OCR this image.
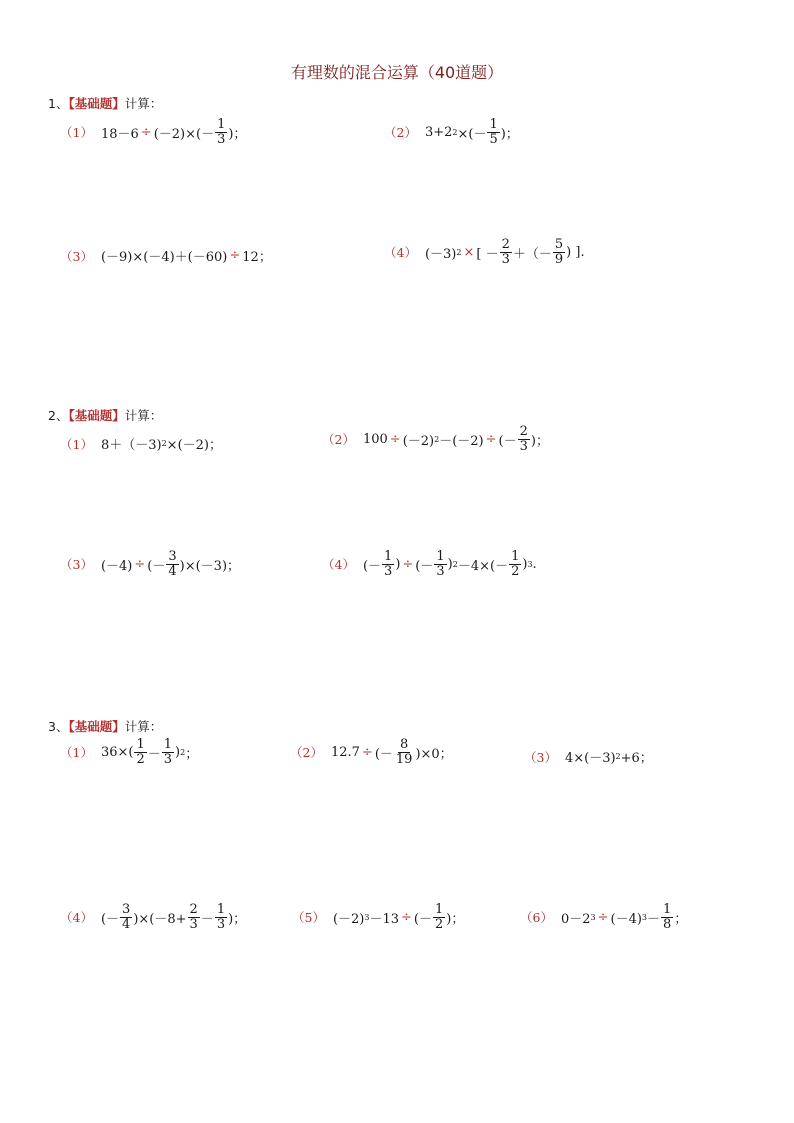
有理数的混合运算（40道题）
1、【基础题】计算：
（1） $18-6 \div (-2)\times(- \frac{1}{3}$ )；	（2） 3+2 2 ×(－ $\frac{1}{5}$ )；
（3） (－9)×(－4)＋(－60) ÷ 12；	（4） (－3) 2 × [ － $\frac{2}{3}$ ＋（－ $\frac{5}{9}$ ) ].
2、【基础题】计算：
（1） 8＋（－3) 2 ×(－2)；	（2） 100 ÷ (－2) 2 －(－2) ÷ (－ $\frac{2}{3}$ )；
（3） (－4) ÷ (－ $\frac{3}{4} )\times(-3)$；	（4） (－ $\frac{1}{3}$ ) ÷ (－ $\frac{1}{3}$ ) $2 -4\times(- \frac{1}{2}$ ) 3 .
3、【基础题】计算：
（1） $36\times( \frac{1}{2} - \frac{1}{3}$ ) 2 ；	（2） 12.7 ÷ (－ $\frac{8}{19} )\times 0$；	（3） 4×(－3) 2 +6；
（4） (－ $\frac{3}{4} )\times(-8+ \frac{2}{3} - \frac{1}{3}$ )；	（5） (－2) 3 －13 ÷ (－ $\frac{1}{2}$ )；	（6） 0－2 3 ÷ (－4) $3 - \frac{1}{8}$ ；
